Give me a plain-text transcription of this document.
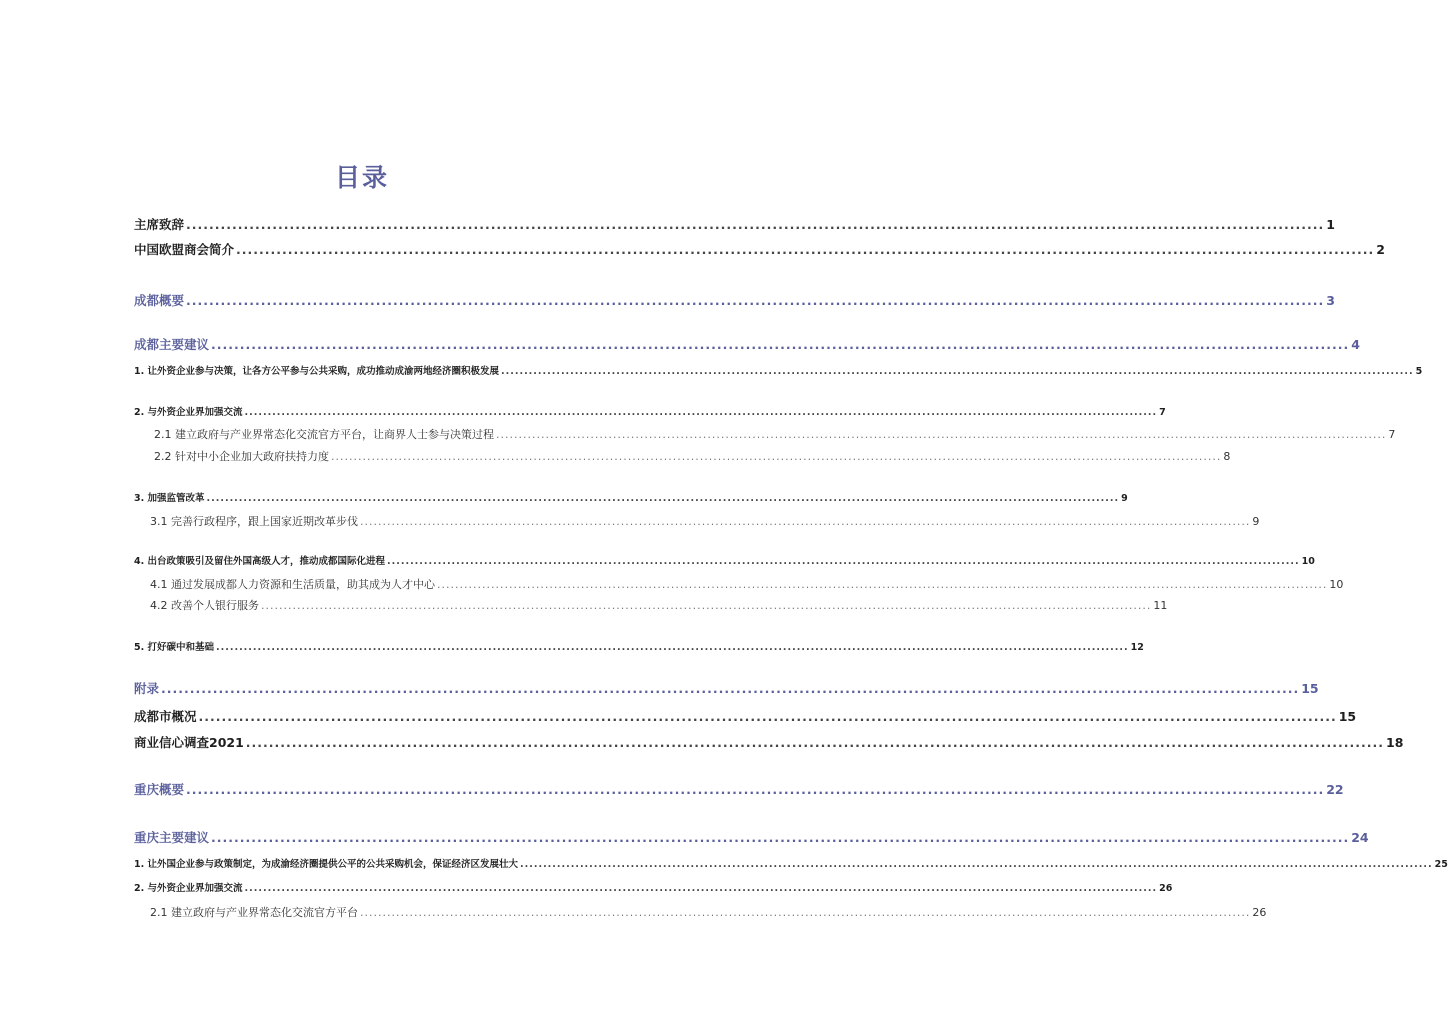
目录
主席致辞 ...................................................................................................................................................................................................... 1
中国欧盟商会简介 ...................................................................................................................................................................................................... 2
成都概要 ...................................................................................................................................................................................................... 3
成都主要建议 ...................................................................................................................................................................................................... 4
1. 让外资企业参与决策，让各方公平参与公共采购，成功推动成渝两地经济圈积极发展 ...................................................................................................................................................................................................... 5
2. 与外资企业界加强交流 ...................................................................................................................................................................................................... 7
2.1 建立政府与产业界常态化交流官方平台，让商界人士参与决策过程 ...................................................................................................................................................................................................... 7
2.2 针对中小企业加大政府扶持力度 ...................................................................................................................................................................................................... 8
3. 加强监管改革 ...................................................................................................................................................................................................... 9
3.1 完善行政程序，跟上国家近期改革步伐 ...................................................................................................................................................................................................... 9
4. 出台政策吸引及留住外国高级人才，推动成都国际化进程 ...................................................................................................................................................................................................... 10
4.1 通过发展成都人力资源和生活质量，助其成为人才中心 ...................................................................................................................................................................................................... 10
4.2 改善个人银行服务 ...................................................................................................................................................................................................... 11
5. 打好碳中和基础 ...................................................................................................................................................................................................... 12
附录 ...................................................................................................................................................................................................... 15
成都市概况 ...................................................................................................................................................................................................... 15
商业信心调查2021 ...................................................................................................................................................................................................... 18
重庆概要 ...................................................................................................................................................................................................... 22
重庆主要建议 ...................................................................................................................................................................................................... 24
1. 让外国企业参与政策制定，为成渝经济圈提供公平的公共采购机会，保证经济区发展壮大 ...................................................................................................................................................................................................... 25
2. 与外资企业界加强交流 ...................................................................................................................................................................................................... 26
2.1 建立政府与产业界常态化交流官方平台 ...................................................................................................................................................................................................... 26
